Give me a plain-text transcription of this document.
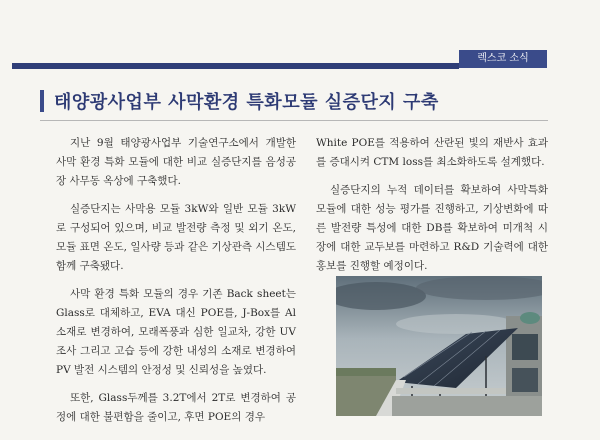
렉스코 소식
태양광사업부 사막환경 특화모듈 실증단지 구축

지난 9월 태양광사업부 기술연구소에서 개발한 사막 환경 특화 모듈에 대한 비교 실증단지를 음성공장 사무동 옥상에 구축했다.

실증단지는 사막용 모듈 3kW와 일반 모듈 3kW로 구성되어 있으며, 비교 발전량 측정 및 외기 온도, 모듈 표면 온도, 일사량 등과 같은 기상관측 시스템도 함께 구축됐다.

사막 환경 특화 모듈의 경우 기존 Back sheet는 Glass로 대체하고, EVA 대신 POE를, J-Box를 Al소재로 변경하여, 모래폭풍과 심한 일교차, 강한 UV 조사 그리고 고습 등에 강한 내성의 소재로 변경하여 PV 발전 시스템의 안정성 및 신뢰성을 높였다.

또한, Glass두께를 3.2T에서 2T로 변경하여 공정에 대한 불편함을 줄이고, 후면 POE의 경우

White POE를 적용하여 산란된 빛의 재반사 효과를 증대시켜 CTM loss를 최소화하도록 설계했다.

실증단지의 누적 데이터를 확보하여 사막특화 모듈에 대한 성능 평가를 진행하고, 기상변화에 따른 발전량 특성에 대한 DB를 확보하여 미개척 시장에 대한 교두보를 마련하고 R&D 기술력에 대한 홍보를 진행할 예정이다.
